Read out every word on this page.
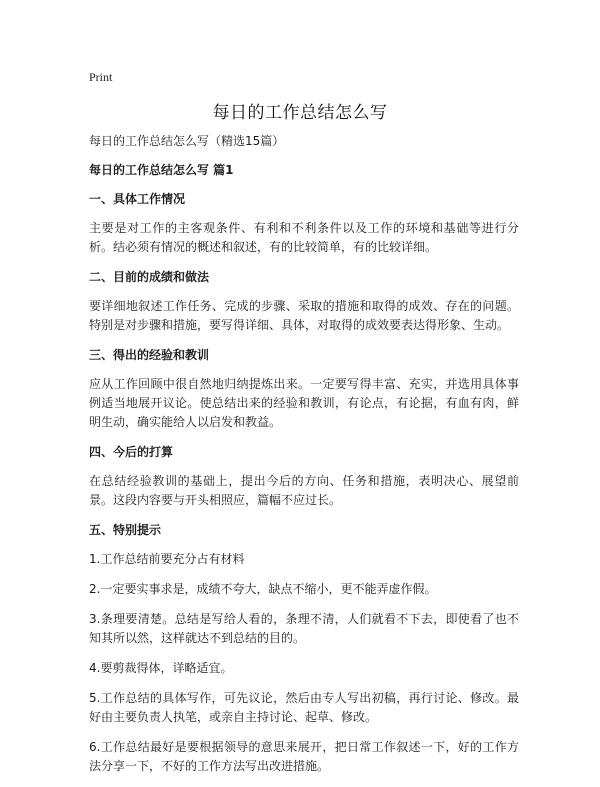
Print
每日的工作总结怎么写
每日的工作总结怎么写（精选15篇）
每日的工作总结怎么写 篇1
一、具体工作情况
主要是对工作的主客观条件、有利和不利条件以及工作的环境和基础等进行分析。结必须有情况的概述和叙述，有的比较简单，有的比较详细。
二、目前的成绩和做法
要详细地叙述工作任务、完成的步骤、采取的措施和取得的成效、存在的问题。特别是对步骤和措施，要写得详细、具体，对取得的成效要表达得形象、生动。
三、得出的经验和教训
应从工作回顾中很自然地归纳提炼出来。一定要写得丰富、充实，并选用具体事例适当地展开议论。使总结出来的经验和教训，有论点，有论据，有血有肉，鲜明生动，确实能给人以启发和教益。
四、今后的打算
在总结经验教训的基础上，提出今后的方向、任务和措施，表明决心、展望前景。这段内容要与开头相照应，篇幅不应过长。
五、特别提示
1.工作总结前要充分占有材料
2.一定要实事求是，成绩不夸大，缺点不缩小，更不能弄虚作假。
3.条理要清楚。总结是写给人看的，条理不清，人们就看不下去，即使看了也不知其所以然，这样就达不到总结的目的。
4.要剪裁得体，详略适宜。
5.工作总结的具体写作，可先议论，然后由专人写出初稿，再行讨论、修改。最好由主要负责人执笔，或亲自主持讨论、起草、修改。
6.工作总结最好是要根据领导的意思来展开，把日常工作叙述一下，好的工作方法分享一下，不好的工作方法写出改进措施。
